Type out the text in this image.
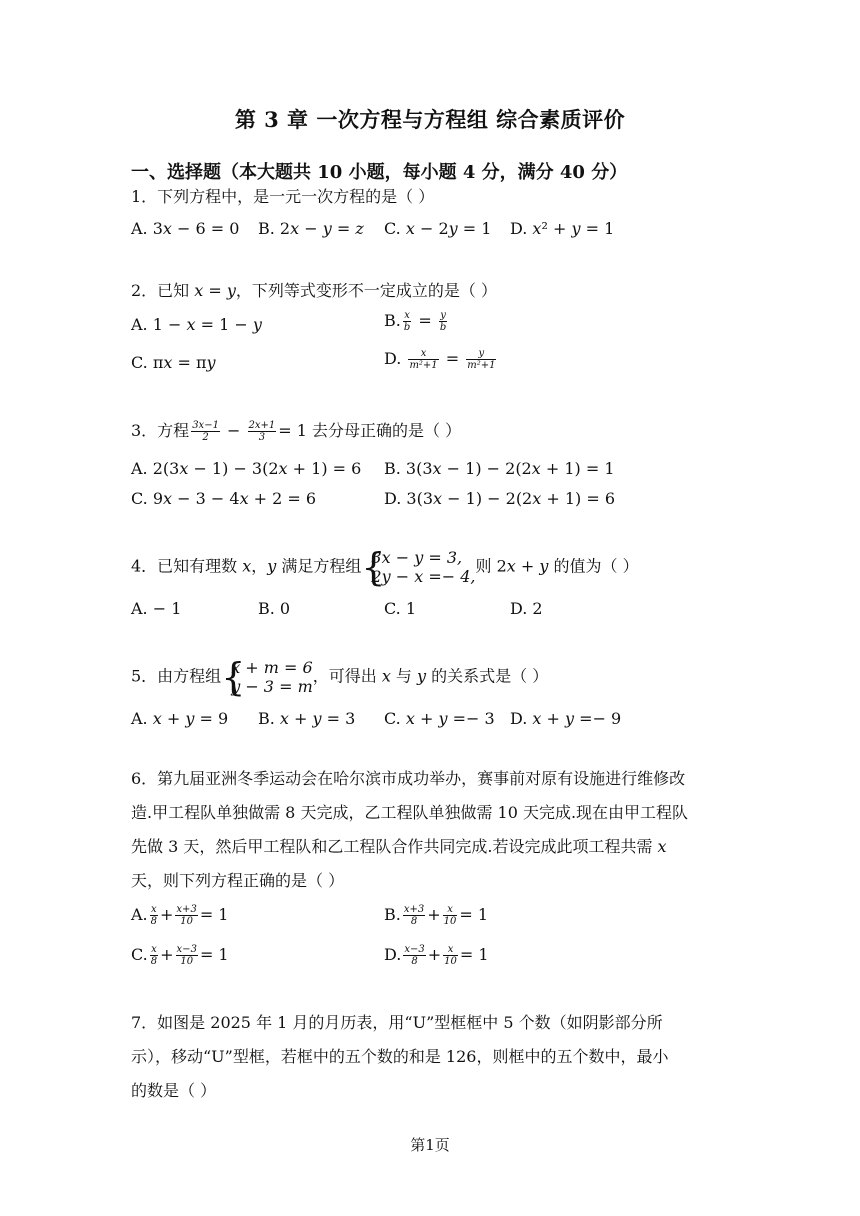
第 3 章 一次方程与方程组 综合素质评价
一、选择题（本大题共 10 小题，每小题 4 分，满分 40 分）
1．下列方程中，是一元一次方程的是（ ）
A. 3𝑥 − 6 = 0 B. 2𝑥 − 𝑦 = 𝑧 C. 𝑥 − 2𝑦 = 1 D. 𝑥² + 𝑦 = 1
2．已知 𝑥 = 𝑦，下列等式变形不一定成立的是（ ）
A. 1 − 𝑥 = 1 − 𝑦	B. $\frac{x}{b} = \frac{y}{b}$
C. π𝑥 = π𝑦	D. $\frac{x}{\text{m²+1}} = \frac{y}{\text{m²+1}}$
3．方程 $\frac{3x-1}{2} - \frac{2x+1}{3} = 1$ 去分母正确的是（ ）
A. 2(3𝑥 − 1) − 3(2𝑥 + 1) = 6 B. 3(3𝑥 − 1) − 2(2𝑥 + 1) = 1
C. 9𝑥 − 3 − 4𝑥 + 2 = 6	D. 3(3𝑥 − 1) − 2(2𝑥 + 1) = 6
4．已知有理数 𝑥，𝑦 满足方程组 {
3𝑥 − 𝑦 = 3,
2𝑦 − 𝑥 =− 4,
则 2𝑥 + 𝑦 的值为（ ）
A. − 1	B. 0	C. 1	D. 2
5．由方程组 {
𝑥 + 𝑚 = 6
𝑦 − 3 = 𝑚
，可得出 𝑥 与 𝑦 的关系式是（ ）
A. 𝑥 + 𝑦 = 9 B. 𝑥 + 𝑦 = 3 C. 𝑥 + 𝑦 =− 3 D. 𝑥 + 𝑦 =− 9
6．第九届亚洲冬季运动会在哈尔滨市成功举办，赛事前对原有设施进行维修改
造.甲工程队单独做需 8 天完成，乙工程队单独做需 10 天完成.现在由甲工程队
先做 3 天，然后甲工程队和乙工程队合作共同完成.若设完成此项工程共需 𝑥
天，则下列方程正确的是（ ）
A. $\frac{x}{8} + \frac{x+3}{10} = 1$	B. $\frac{x+3}{8} + \frac{x}{10} = 1$
C. $\frac{x}{8} + \frac{x-3}{10} = 1$	D. $\frac{x-3}{8} + \frac{x}{10} = 1$
7．如图是 2025 年 1 月的月历表，用“U”型框框中 5 个数（如阴影部分所
示），移动“U”型框，若框中的五个数的和是 126，则框中的五个数中，最小
的数是（ ）
第1页
